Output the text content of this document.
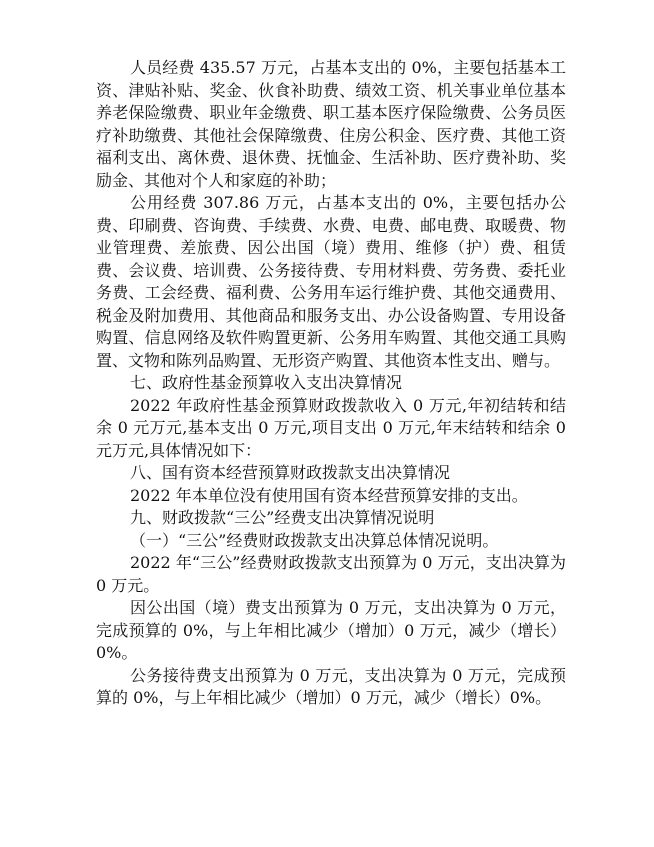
人员经费 435.57 万元，占基本支出的 0%，主要包括基本工资、津贴补贴、奖金、伙食补助费、绩效工资、机关事业单位基本养老保险缴费、职业年金缴费、职工基本医疗保险缴费、公务员医疗补助缴费、其他社会保障缴费、住房公积金、医疗费、其他工资福利支出、离休费、退休费、抚恤金、生活补助、医疗费补助、奖励金、其他对个人和家庭的补助；

公用经费 307.86 万元，占基本支出的 0%，主要包括办公费、印刷费、咨询费、手续费、水费、电费、邮电费、取暖费、物业管理费、差旅费、因公出国（境）费用、维修（护）费、租赁费、会议费、培训费、公务接待费、专用材料费、劳务费、委托业务费、工会经费、福利费、公务用车运行维护费、其他交通费用、税金及附加费用、其他商品和服务支出、办公设备购置、专用设备购置、信息网络及软件购置更新、公务用车购置、其他交通工具购置、文物和陈列品购置、无形资产购置、其他资本性支出、赠与。

七、政府性基金预算收入支出决算情况

2022 年政府性基金预算财政拨款收入 0 万元,年初结转和结余 0 元万元,基本支出 0 万元,项目支出 0 万元,年末结转和结余 0 元万元,具体情况如下：

八、国有资本经营预算财政拨款支出决算情况

2022 年本单位没有使用国有资本经营预算安排的支出。

九、财政拨款“三公”经费支出决算情况说明

（一）“三公”经费财政拨款支出决算总体情况说明。

2022 年“三公”经费财政拨款支出预算为 0 万元，支出决算为 0 万元。

因公出国（境）费支出预算为 0 万元，支出决算为 0 万元，完成预算的 0%，与上年相比减少（增加）0 万元，减少（增长）0%。

公务接待费支出预算为 0 万元，支出决算为 0 万元，完成预算的 0%，与上年相比减少（增加）0 万元，减少（增长）0%。
